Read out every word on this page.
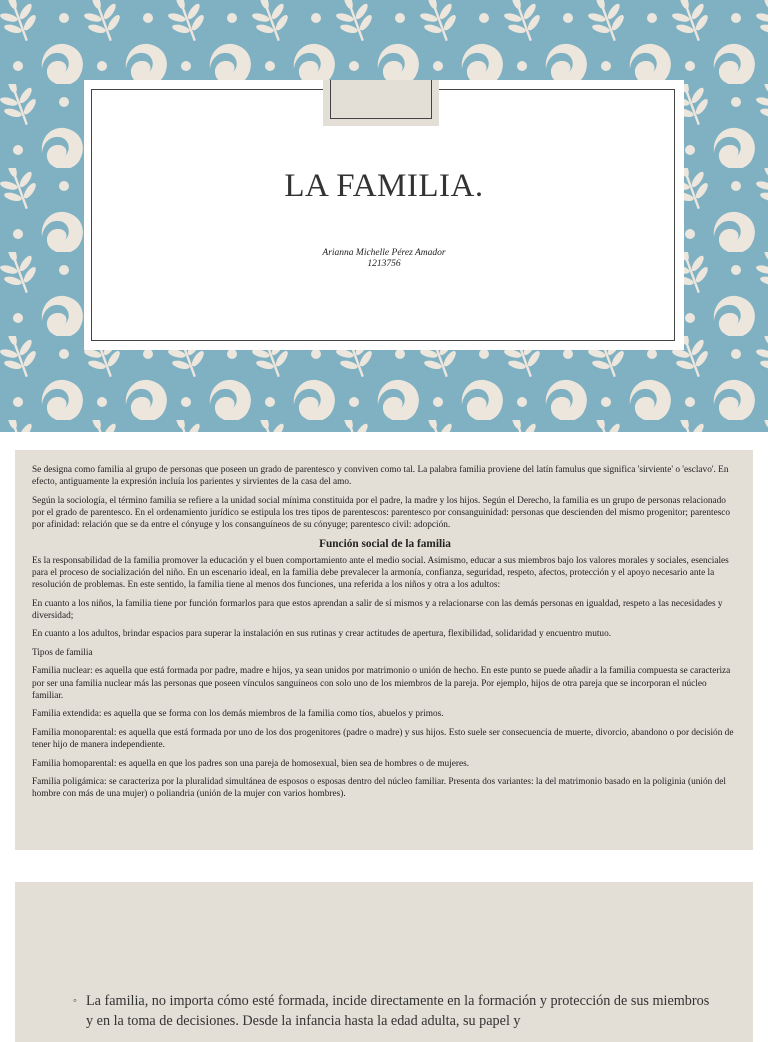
LA FAMILIA.
Arianna Michelle Pérez Amador
1213756

Se designa como familia al grupo de personas que poseen un grado de parentesco y conviven como tal. La palabra familia proviene del latín famulus que significa 'sirviente' o 'esclavo'. En efecto, antiguamente la expresión incluía los parientes y sirvientes de la casa del amo.

Según la sociología, el término familia se refiere a la unidad social mínima constituida por el padre, la madre y los hijos. Según el Derecho, la familia es un grupo de personas relacionado por el grado de parentesco. En el ordenamiento jurídico se estipula los tres tipos de parentescos: parentesco por consanguinidad: personas que descienden del mismo progenitor; parentesco por afinidad: relación que se da entre el cónyuge y los consanguíneos de su cónyuge; parentesco civil: adopción.

Función social de la familia

Es la responsabilidad de la familia promover la educación y el buen comportamiento ante el medio social. Asimismo, educar a sus miembros bajo los valores morales y sociales, esenciales para el proceso de socialización del niño. En un escenario ideal, en la familia debe prevalecer la armonía, confianza, seguridad, respeto, afectos, protección y el apoyo necesario ante la resolución de problemas. En este sentido, la familia tiene al menos dos funciones, una referida a los niños y otra a los adultos:

En cuanto a los niños, la familia tiene por función formarlos para que estos aprendan a salir de sí mismos y a relacionarse con las demás personas en igualdad, respeto a las necesidades y diversidad;

En cuanto a los adultos, brindar espacios para superar la instalación en sus rutinas y crear actitudes de apertura, flexibilidad, solidaridad y encuentro mutuo.

Tipos de familia

Familia nuclear: es aquella que está formada por padre, madre e hijos, ya sean unidos por matrimonio o unión de hecho. En este punto se puede añadir a la familia compuesta se caracteriza por ser una familia nuclear más las personas que poseen vínculos sanguíneos con solo uno de los miembros de la pareja. Por ejemplo, hijos de otra pareja que se incorporan el núcleo familiar.

Familia extendida: es aquella que se forma con los demás miembros de la familia como tíos, abuelos y primos.

Familia monoparental: es aquella que está formada por uno de los dos progenitores (padre o madre) y sus hijos. Esto suele ser consecuencia de muerte, divorcio, abandono o por decisión de tener hijo de manera independiente.

Familia homoparental: es aquella en que los padres son una pareja de homosexual, bien sea de hombres o de mujeres.

Familia poligámica: se caracteriza por la pluralidad simultánea de esposos o esposas dentro del núcleo familiar. Presenta dos variantes: la del matrimonio basado en la poliginia (unión del hombre con más de una mujer) o poliandria (unión de la mujer con varios hombres).

◦ La familia, no importa cómo esté formada, incide directamente en la formación y protección de sus miembros y en la toma de decisiones. Desde la infancia hasta la edad adulta, su papel y
